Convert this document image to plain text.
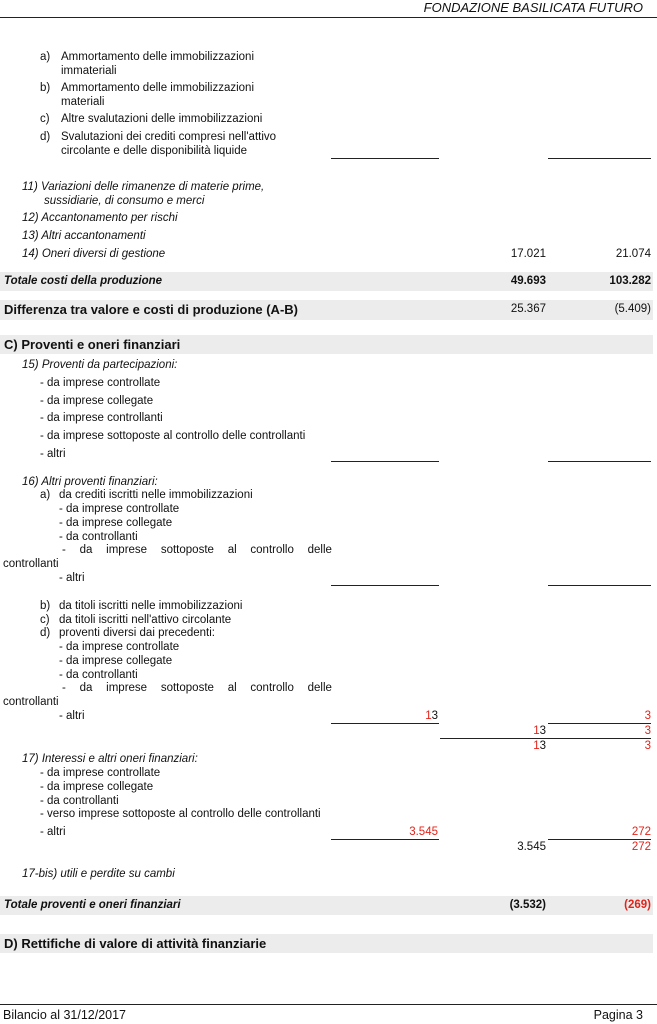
FONDAZIONE BASILICATA FUTURO
a) Ammortamento delle immobilizzazioni
immateriali
b) Ammortamento delle immobilizzazioni
materiali
c) Altre svalutazioni delle immobilizzazioni
d) Svalutazioni dei crediti compresi nell'attivo
circolante e delle disponibilità liquide
11) Variazioni delle rimanenze di materie prime,
sussidiarie, di consumo e merci
12) Accantonamento per rischi
13) Altri accantonamenti
14) Oneri diversi di gestione	17.021	21.074
Totale costi della produzione	49.693	103.282
Differenza tra valore e costi di produzione (A-B)	25.367	(5.409)
C) Proventi e oneri finanziari
15) Proventi da partecipazioni:
- da imprese controllate
- da imprese collegate
- da imprese controllanti
- da imprese sottoposte al controllo delle controllanti
- altri
16) Altri proventi finanziari:
a) da crediti iscritti nelle immobilizzazioni
- da imprese controllate
- da imprese collegate
- da controllanti
- da imprese sottoposte al controllo delle
controllanti
- altri
b) da titoli iscritti nelle immobilizzazioni
c) da titoli iscritti nell'attivo circolante
d) proventi diversi dai precedenti:
- da imprese controllate
- da imprese collegate
- da controllanti
- da imprese sottoposte al controllo delle
controllanti
- altri	13	3
13	3
13	3
17) Interessi e altri oneri finanziari:
- da imprese controllate
- da imprese collegate
- da controllanti
- verso imprese sottoposte al controllo delle controllanti
- altri	3.545	272
3.545	272
17-bis) utili e perdite su cambi
Totale proventi e oneri finanziari	(3.532)	(269)
D) Rettifiche di valore di attività finanziarie
Bilancio al 31/12/2017	Pagina 3
